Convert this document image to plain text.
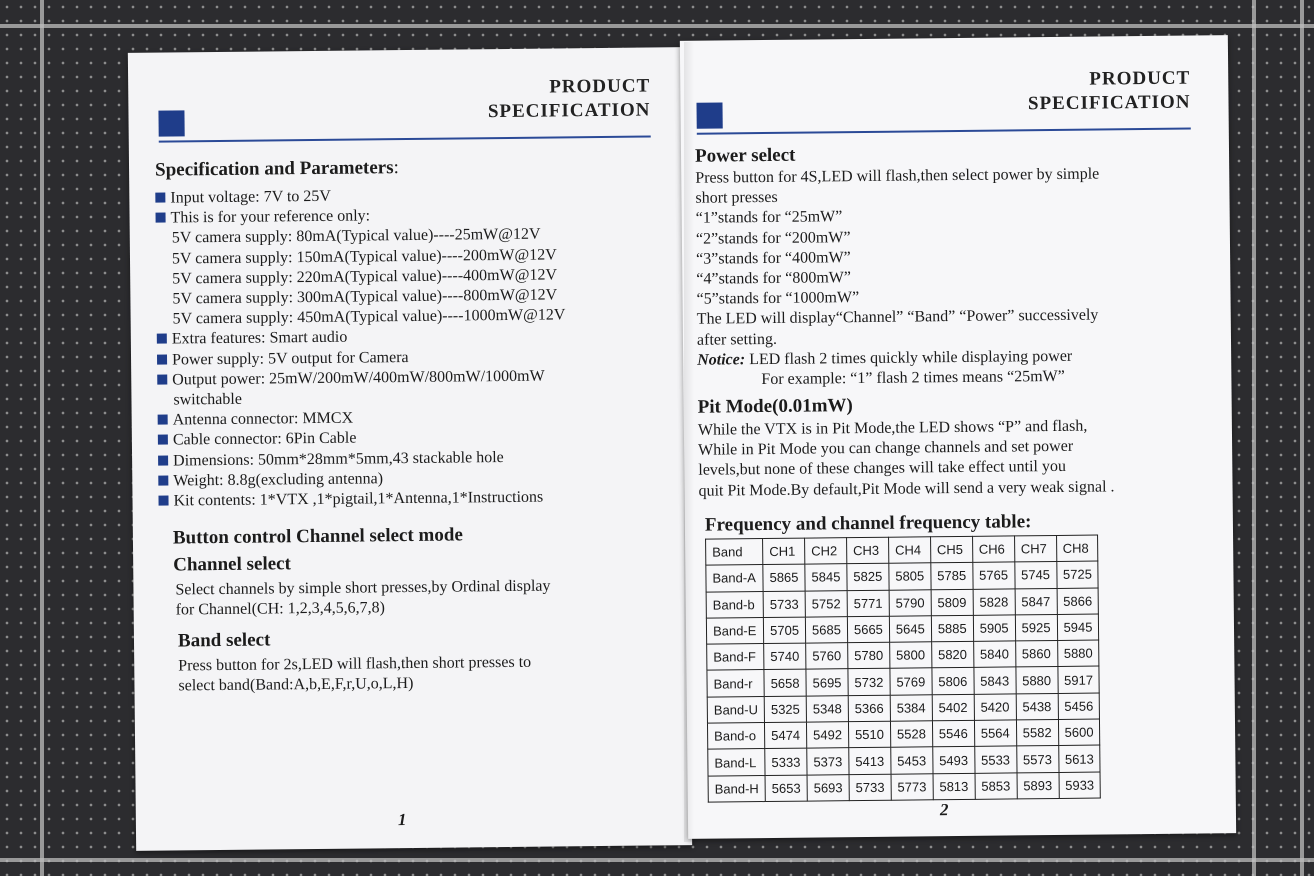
PRODUCT
SPECIFICATION
Specification and Parameters:
Input voltage: 7V to 25V
This is for your reference only:
5V camera supply: 80mA(Typical value)----25mW@12V
5V camera supply: 150mA(Typical value)----200mW@12V
5V camera supply: 220mA(Typical value)----400mW@12V
5V camera supply: 300mA(Typical value)----800mW@12V
5V camera supply: 450mA(Typical value)----1000mW@12V
Extra features: Smart audio
Power supply: 5V output for Camera
Output power: 25mW/200mW/400mW/800mW/1000mW
switchable
Antenna connector: MMCX
Cable connector: 6Pin Cable
Dimensions: 50mm*28mm*5mm,43 stackable hole
Weight: 8.8g(excluding antenna)
Kit contents: 1*VTX ,1*pigtail,1*Antenna,1*Instructions
Button control Channel select mode
Channel select
Select channels by simple short presses,by Ordinal display
for Channel(CH: 1,2,3,4,5,6,7,8)
Band select
Press button for 2s,LED will flash,then short presses to
select band(Band:A,b,E,F,r,U,o,L,H)
1
PRODUCT
SPECIFICATION
Power select
Press button for 4S,LED will flash,then select power by simple
short presses
“1”stands for “25mW”
“2”stands for “200mW”
“3”stands for “400mW”
“4”stands for “800mW”
“5”stands for “1000mW”
The LED will display“Channel” “Band” “Power” successively
after setting.
Notice: LED flash 2 times quickly while displaying power
For example: “1” flash 2 times means “25mW”
Pit Mode(0.01mW)
While the VTX is in Pit Mode,the LED shows “P” and flash,
While in Pit Mode you can change channels and set power
levels,but none of these changes will take effect until you
quit Pit Mode.By default,Pit Mode will send a very weak signal .
Frequency and channel frequency table:
Band	CH1	CH2	CH3	CH4	CH5	CH6	CH7	CH8
Band-A	5865	5845	5825	5805	5785	5765	5745	5725
Band-b	5733	5752	5771	5790	5809	5828	5847	5866
Band-E	5705	5685	5665	5645	5885	5905	5925	5945
Band-F	5740	5760	5780	5800	5820	5840	5860	5880
Band-r	5658	5695	5732	5769	5806	5843	5880	5917
Band-U	5325	5348	5366	5384	5402	5420	5438	5456
Band-o	5474	5492	5510	5528	5546	5564	5582	5600
Band-L	5333	5373	5413	5453	5493	5533	5573	5613
Band-H	5653	5693	5733	5773	5813	5853	5893	5933
2
